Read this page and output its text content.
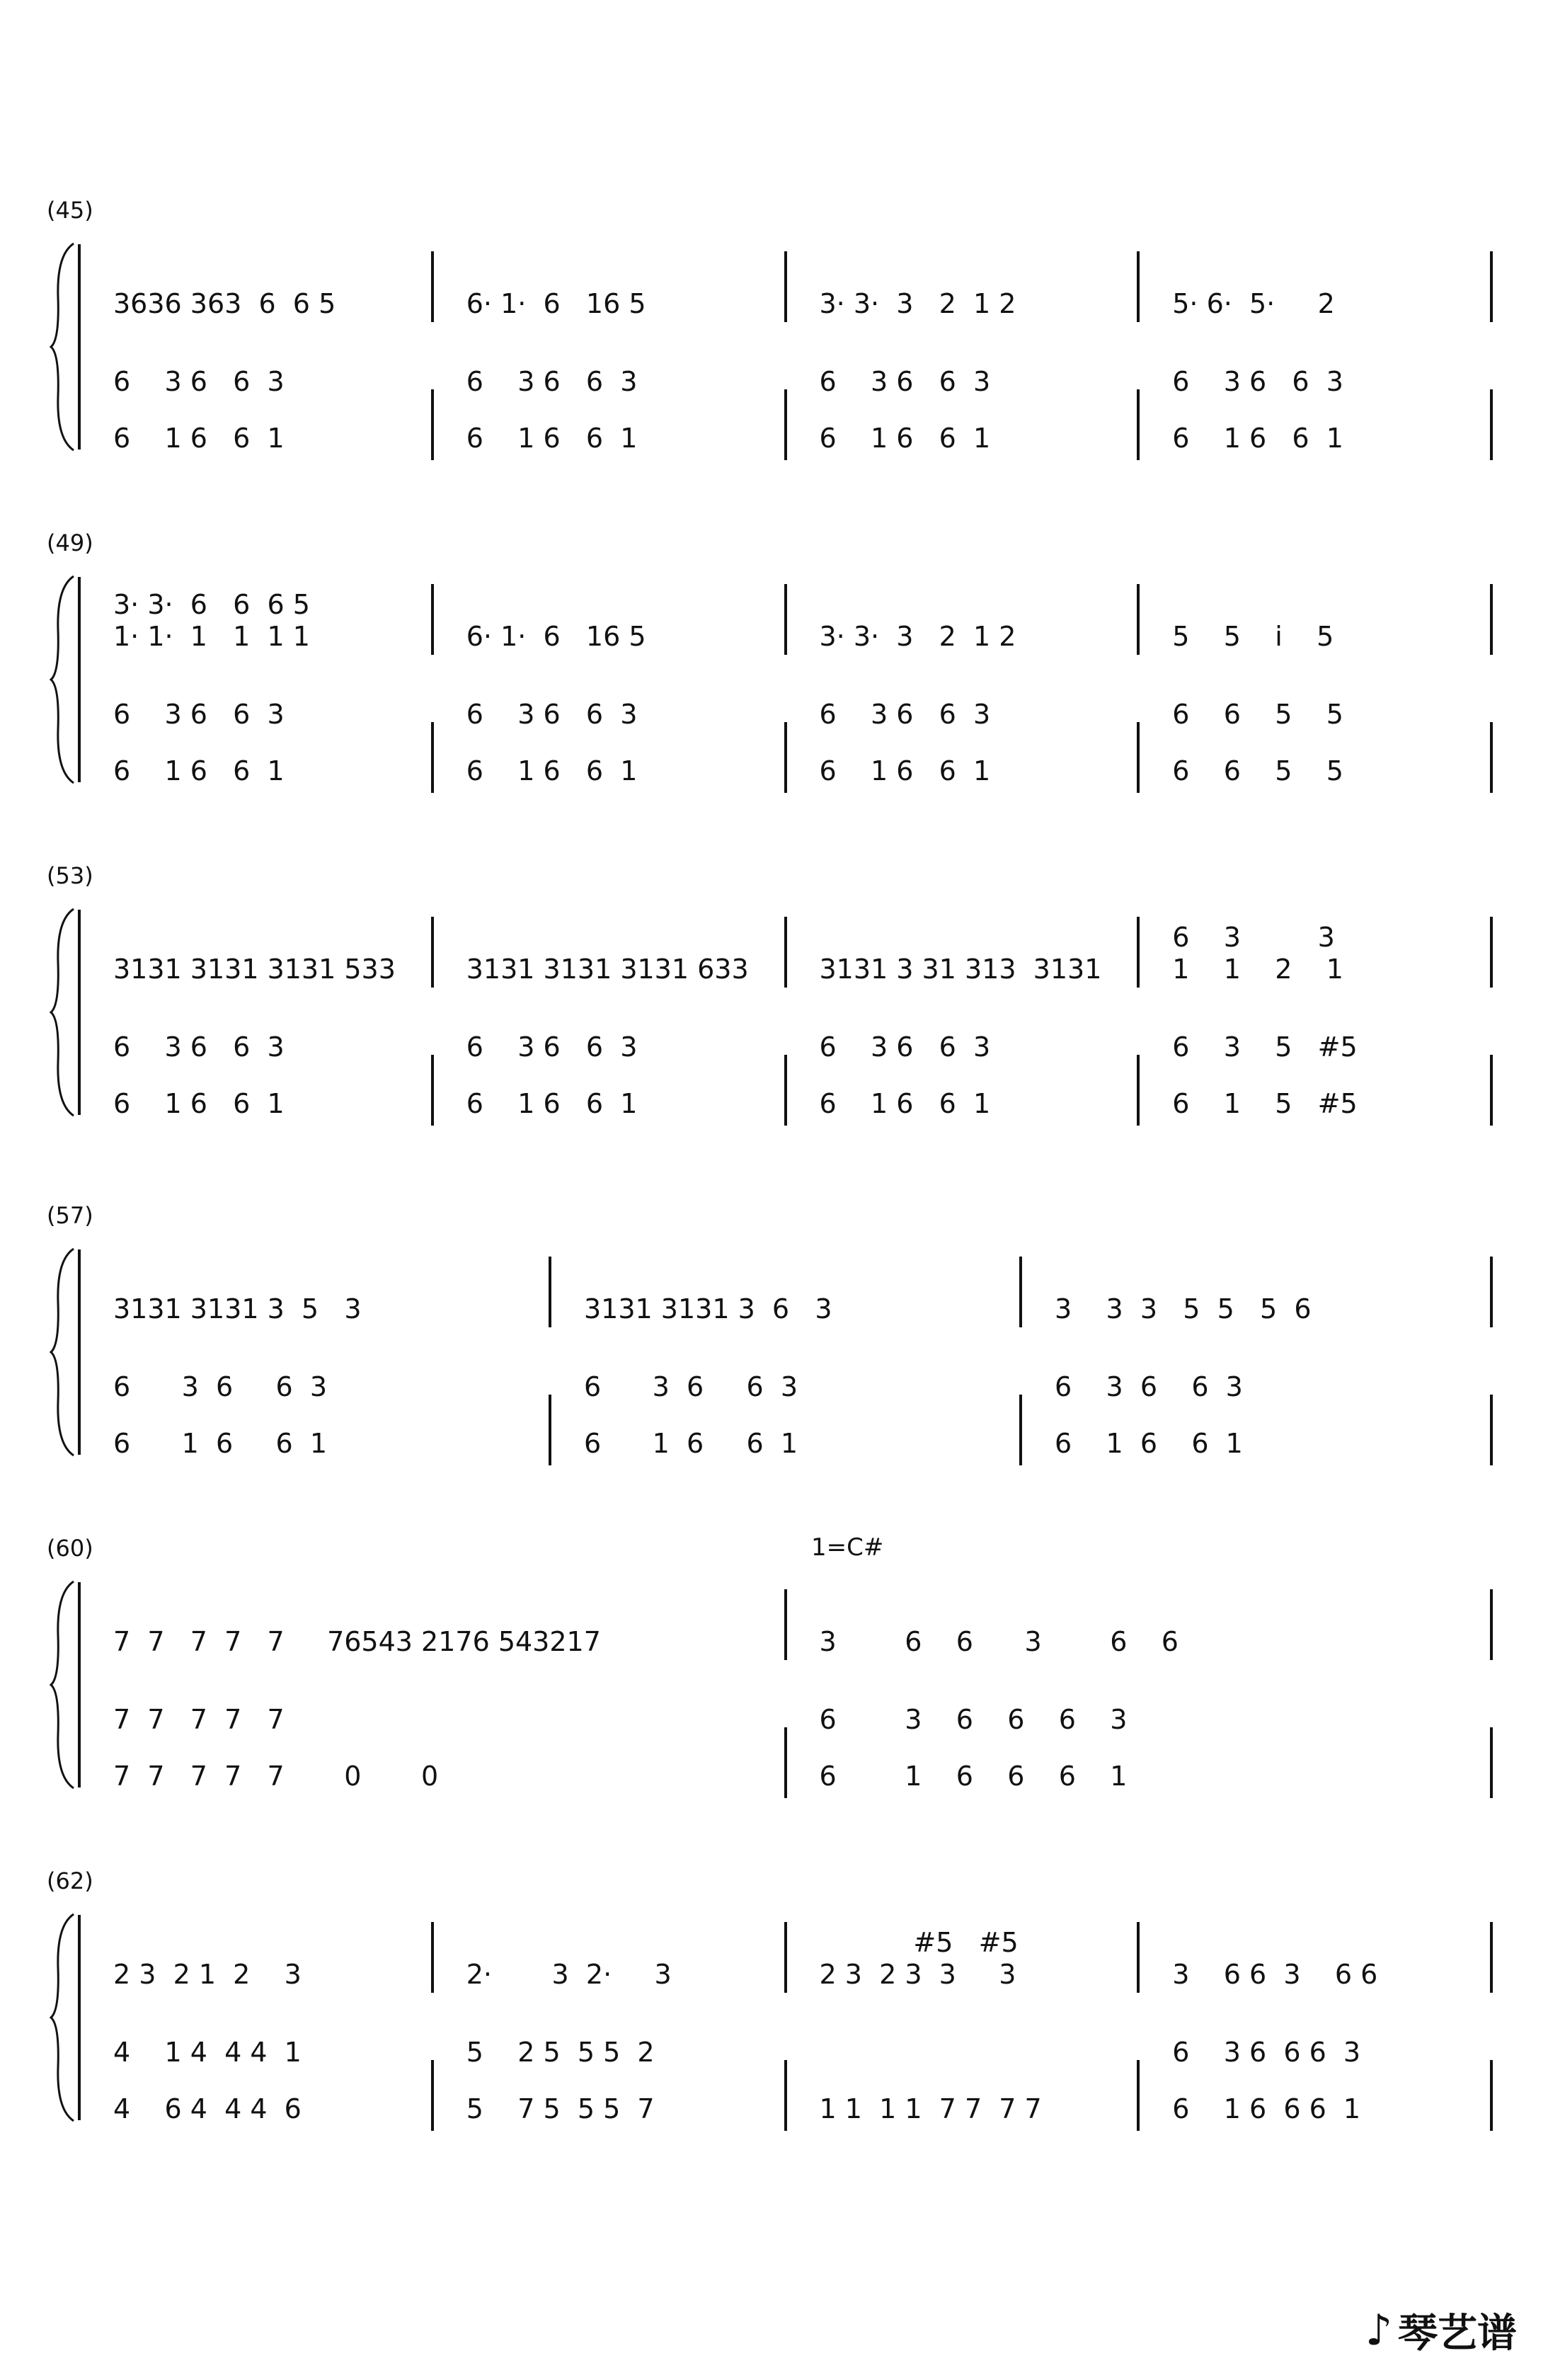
(45)
3636 363  6  6 5
6    3 6   6  3
6    1 6   6  1
6· 1·  6   16 5
6    3 6   6  3
6    1 6   6  1
3· 3·  3   2  1 2
6    3 6   6  3
6    1 6   6  1
5· 6·  5·     2
6    3 6   6  3
6    1 6   6  1
(49)
3· 3·  6   6  6 5
1· 1·  1   1  1 1
6    3 6   6  3
6    1 6   6  1
6· 1·  6   16 5
6    3 6   6  3
6    1 6   6  1
3· 3·  3   2  1 2
6    3 6   6  3
6    1 6   6  1
5    5    i    5
6    6    5    5
6    6    5    5
(53)
3131 3131 3131 533
6    3 6   6  3
6    1 6   6  1
3131 3131 3131 633
6    3 6   6  3
6    1 6   6  1
3131 3 31 313  3131
6    3 6   6  3
6    1 6   6  1
6    3         3
1    1    2    1
6    3    5   #5
6    1    5   #5
(57)
3131 3131 3  5   3
6      3  6     6  3
6      1  6     6  1
3131 3131 3  6   3
6      3  6     6  3
6      1  6     6  1
3    3  3   5  5   5  6
6    3  6    6  3
6    1  6    6  1
(60)
7  7   7  7   7     76543 2176 543217
7  7   7  7   7
7  7   7  7   7       0       0
3        6    6      3        6    6
6        3    6    6    6    3
6        1    6    6    6    1
(62)
2 3  2 1  2    3
4    1 4  4 4  1
4    6 4  4 4  6
2·       3  2·     3
5    2 5  5 5  2
5    7 5  5 5  7
#5   #5
2 3  2 3  3     3
1 1  1 1  7 7  7 7
3    6 6  3    6 6
6    3 6  6 6  3
6    1 6  6 6  1
1=C#
♪ 琴艺谱
